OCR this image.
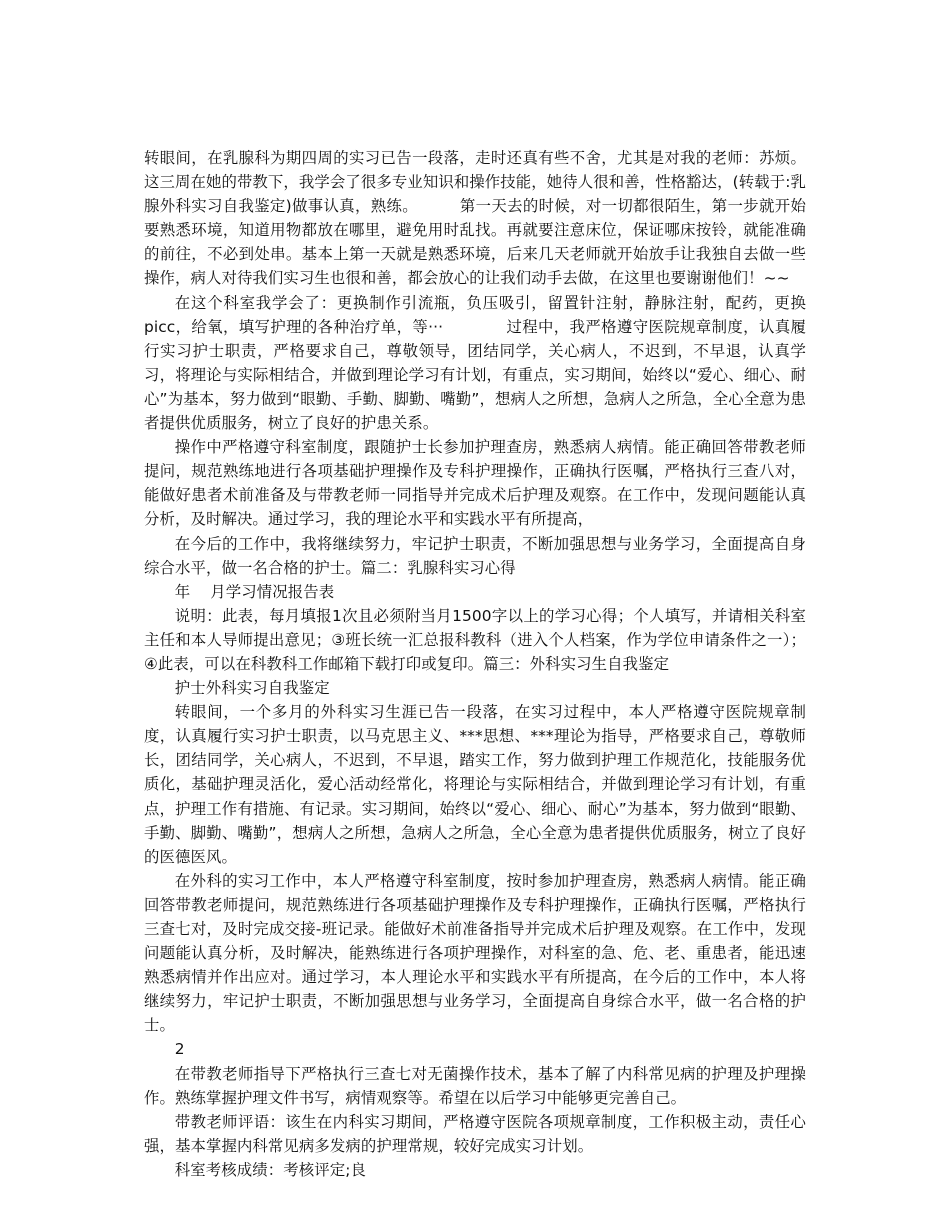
转眼间，在乳腺科为期四周的实习已告一段落，走时还真有些不舍，尤其是对我的老师：苏烦。这三周在她的带教下，我学会了很多专业知识和操作技能，她待人很和善，性格豁达，(转载于:乳腺外科实习自我鉴定)做事认真，熟练。        第一天去的时候，对一切都很陌生，第一步就开始要熟悉环境，知道用物都放在哪里，避免用时乱找。再就要注意床位，保证哪床按铃，就能准确的前往，不必到处串。基本上第一天就是熟悉环境，后来几天老师就开始放手让我独自去做一些操作，病人对待我们实习生也很和善，都会放心的让我们动手去做，在这里也要谢谢他们！~~

在这个科室我学会了：更换制作引流瓶，负压吸引，留置针注射，静脉注射，配药，更换picc，给氧，填写护理的各种治疗单，等···            过程中，我严格遵守医院规章制度，认真履行实习护士职责，严格要求自己，尊敬领导，团结同学，关心病人，不迟到，不早退，认真学习，将理论与实际相结合，并做到理论学习有计划，有重点，实习期间，始终以“爱心、细心、耐心”为基本，努力做到“眼勤、手勤、脚勤、嘴勤”，想病人之所想，急病人之所急，全心全意为患者提供优质服务，树立了良好的护患关系。

操作中严格遵守科室制度，跟随护士长参加护理查房，熟悉病人病情。能正确回答带教老师提问，规范熟练地进行各项基础护理操作及专科护理操作，正确执行医嘱，严格执行三查八对，能做好患者术前准备及与带教老师一同指导并完成术后护理及观察。在工作中，发现问题能认真分析，及时解决。通过学习，我的理论水平和实践水平有所提高，

在今后的工作中，我将继续努力，牢记护士职责，不断加强思想与业务学习，全面提高自身综合水平，做一名合格的护士。篇二：乳腺科实习心得

年    月学习情况报告表

说明：此表，每月填报1次且必须附当月1500字以上的学习心得；个人填写，并请相关科室主任和本人导师提出意见；③班长统一汇总报科教科（进入个人档案，作为学位申请条件之一）；④此表，可以在科教科工作邮箱下载打印或复印。篇三：外科实习生自我鉴定

护士外科实习自我鉴定

转眼间，一个多月的外科实习生涯已告一段落，在实习过程中，本人严格遵守医院规章制度，认真履行实习护士职责，以马克思主义、***思想、***理论为指导，严格要求自己，尊敬师长，团结同学，关心病人，不迟到，不早退，踏实工作，努力做到护理工作规范化，技能服务优质化，基础护理灵活化，爱心活动经常化，将理论与实际相结合，并做到理论学习有计划，有重点，护理工作有措施、有记录。实习期间，始终以“爱心、细心、耐心”为基本，努力做到“眼勤、手勤、脚勤、嘴勤”，想病人之所想，急病人之所急，全心全意为患者提供优质服务，树立了良好的医德医风。

在外科的实习工作中，本人严格遵守科室制度，按时参加护理查房，熟悉病人病情。能正确回答带教老师提问，规范熟练进行各项基础护理操作及专科护理操作，正确执行医嘱，严格执行三查七对，及时完成交接-班记录。能做好术前准备指导并完成术后护理及观察。在工作中，发现问题能认真分析，及时解决，能熟练进行各项护理操作，对科室的急、危、老、重患者，能迅速熟悉病情并作出应对。通过学习，本人理论水平和实践水平有所提高，在今后的工作中，本人将继续努力，牢记护士职责，不断加强思想与业务学习，全面提高自身综合水平，做一名合格的护士。

2

在带教老师指导下严格执行三查七对无菌操作技术，基本了解了内科常见病的护理及护理操作。熟练掌握护理文件书写，病情观察等。希望在以后学习中能够更完善自己。

带教老师评语：该生在内科实习期间，严格遵守医院各项规章制度，工作积极主动，责任心强，基本掌握内科常见病多发病的护理常规，较好完成实习计划。

科室考核成绩：考核评定;良
